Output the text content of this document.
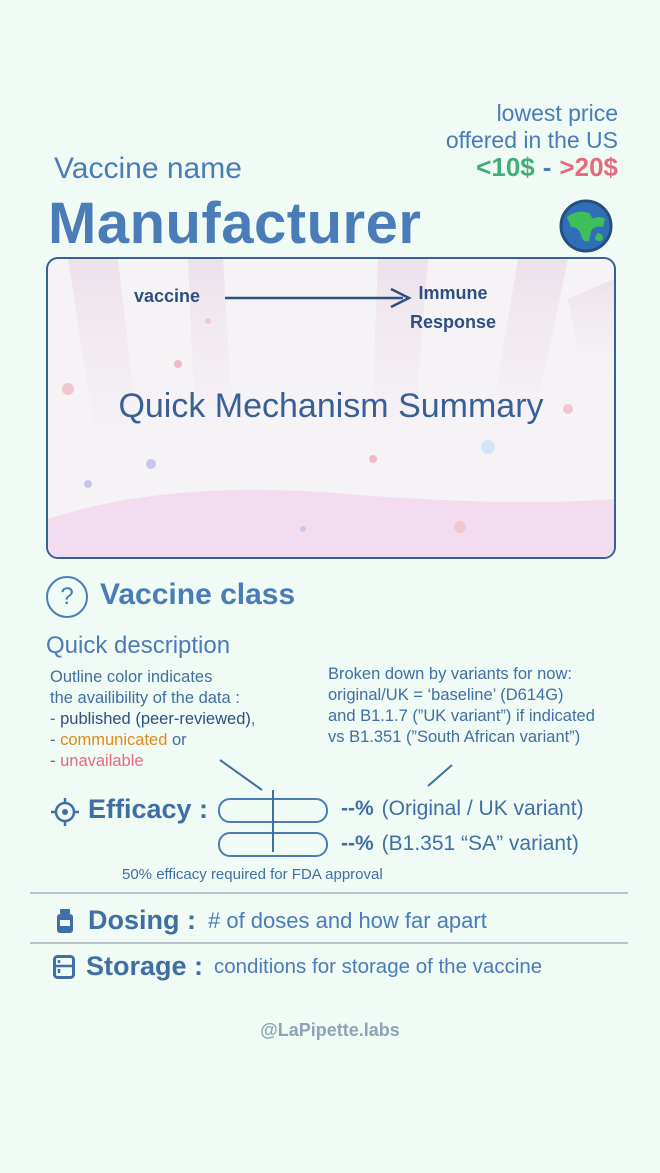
lowest price
offered in the US
<10$ - >20$
Vaccine name
Manufacturer
vaccine	Immune
Response
Quick Mechanism Summary
? Vaccine class
Quick description
Outline color indicates
the availibility of the data :
- published (peer-reviewed),
- communicated or
- unavailable
Broken down by variants for now:
original/UK = ‘baseline’ (D614G)
and B1.1.7 (”UK variant”) if indicated
vs B1.351 (”South African variant”)
Efficacy :	--% (Original / UK variant)
--% (B1.351 “SA” variant)
50% efficacy required for FDA approval
Dosing : # of doses and how far apart
Storage : conditions for storage of the vaccine
@LaPipette.labs
